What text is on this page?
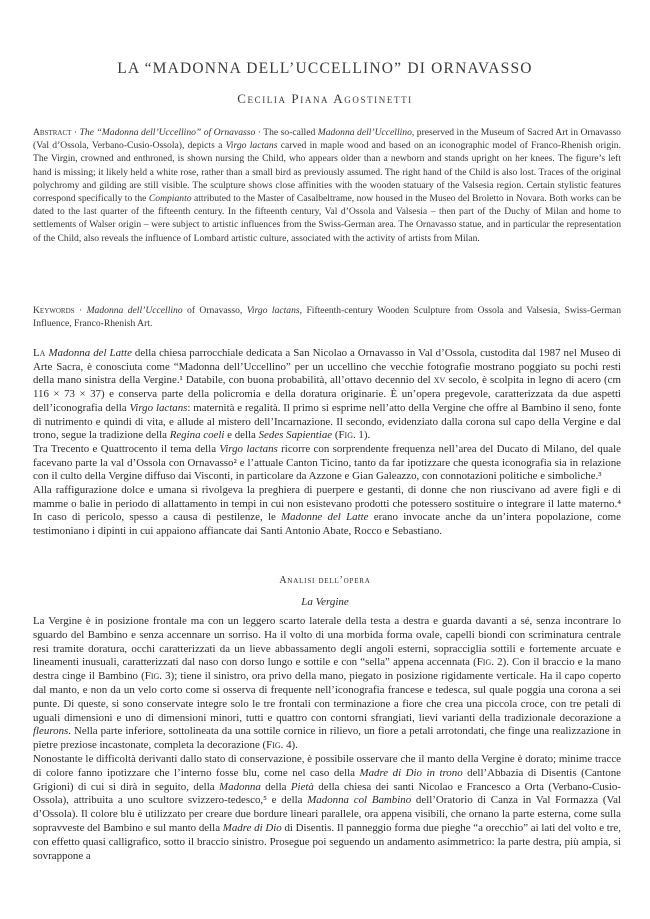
LA “MADONNA DELL’UCCELLINO” DI ORNAVASSO
Cecilia Piana Agostinetti
Abstract · The “Madonna dell’Uccellino” of Ornavasso · The so-called Madonna dell’Uccellino, preserved in the Museum of Sacred Art in Ornavasso (Val d’Ossola, Verbano-Cusio-Ossola), depicts a Virgo lactans carved in maple wood and based on an iconographic model of Franco-Rhenish origin. The Virgin, crowned and enthroned, is shown nursing the Child, who appears older than a newborn and stands upright on her knees. The figure’s left hand is missing; it likely held a white rose, rather than a small bird as previously assumed. The right hand of the Child is also lost. Traces of the original polychromy and gilding are still visible. The sculpture shows close affinities with the wooden statuary of the Valsesia region. Certain stylistic features correspond specifically to the Compianto attributed to the Master of Casalbeltrame, now housed in the Museo del Broletto in Novara. Both works can be dated to the last quarter of the fifteenth century. In the fifteenth century, Val d’Ossola and Valsesia – then part of the Duchy of Milan and home to settlements of Walser origin – were subject to artistic influences from the Swiss-German area. The Ornavasso statue, and in particular the representation of the Child, also reveals the influence of Lombard artistic culture, associated with the activity of artists from Milan.
Keywords · Madonna dell’Uccellino of Ornavasso, Virgo lactans, Fifteenth-century Wooden Sculpture from Ossola and Valsesia, Swiss-German Influence, Franco-Rhenish Art.

La Madonna del Latte della chiesa parrocchiale dedicata a San Nicolao a Ornavasso in Val d’Ossola, custodita dal 1987 nel Museo di Arte Sacra, è conosciuta come “Madonna dell’Uccellino” per un uccellino che vecchie fotografie mostrano poggiato su pochi resti della mano sinistra della Vergine.¹ Databile, con buona probabilità, all’ottavo decennio del xv secolo, è scolpita in legno di acero (cm 116 × 73 × 37) e conserva parte della policromia e della doratura originarie. È un’opera pregevole, caratterizzata da due aspetti dell’iconografia della Virgo lactans: maternità e regalità. Il primo si esprime nell’atto della Vergine che offre al Bambino il seno, fonte di nutrimento e quindi di vita, e allude al mistero dell’Incarnazione. Il secondo, evidenziato dalla corona sul capo della Vergine e dal trono, segue la tradizione della Regina coeli e della Sedes Sapientiae (Fig. 1).

Tra Trecento e Quattrocento il tema della Virgo lactans ricorre con sorprendente frequenza nell’area del Ducato di Milano, del quale facevano parte la val d’Ossola con Ornavasso² e l’attuale Canton Ticino, tanto da far ipotizzare che questa iconografia sia in relazione con il culto della Vergine diffuso dai Visconti, in particolare da Azzone e Gian Galeazzo, con connotazioni politiche e simboliche.³

Alla raffigurazione dolce e umana si rivolgeva la preghiera di puerpere e gestanti, di donne che non riuscivano ad avere figli e di mamme o balie in periodo di allattamento in tempi in cui non esistevano prodotti che potessero sostituire o integrare il latte materno.⁴ In caso di pericolo, spesso a causa di pestilenze, le Madonne del Latte erano invocate anche da un’intera popolazione, come testimoniano i dipinti in cui appaiono affiancate dai Santi Antonio Abate, Rocco e Sebastiano.

Analisi dell’opera
La Vergine

La Vergine è in posizione frontale ma con un leggero scarto laterale della testa a destra e guarda davanti a sé, senza incontrare lo sguardo del Bambino e senza accennare un sorriso. Ha il volto di una morbida forma ovale, capelli biondi con scriminatura centrale resi tramite doratura, occhi caratterizzati da un lieve abbassamento degli angoli esterni, sopracciglia sottili e fortemente arcuate e lineamenti inusuali, caratterizzati dal naso con dorso lungo e sottile e con “sella” appena accennata (Fig. 2). Con il braccio e la mano destra cinge il Bambino (Fig. 3); tiene il sinistro, ora privo della mano, piegato in posizione rigidamente verticale. Ha il capo coperto dal manto, e non da un velo corto come si osserva di frequente nell’iconografia francese e tedesca, sul quale poggia una corona a sei punte. Di queste, si sono conservate integre solo le tre frontali con terminazione a fiore che crea una piccola croce, con tre petali di uguali dimensioni e uno di dimensioni minori, tutti e quattro con contorni sfrangiati, lievi varianti della tradizionale decorazione a fleurons. Nella parte inferiore, sottolineata da una sottile cornice in rilievo, un fiore a petali arrotondati, che finge una realizzazione in pietre preziose incastonate, completa la decorazione (Fig. 4).

Nonostante le difficoltà derivanti dallo stato di conservazione, è possibile osservare che il manto della Vergine è dorato; minime tracce di colore fanno ipotizzare che l’interno fosse blu, come nel caso della Madre di Dio in trono dell’Abbazia di Disentis (Cantone Grigioni) di cui si dirà in seguito, della Madonna della Pietà della chiesa dei santi Nicolao e Francesco a Orta (Verbano-Cusio-Ossola), attribuita a uno scultore svizzero-tedesco,⁵ e della Madonna col Bambino dell’Oratorio di Canza in Val Formazza (Val d’Ossola). Il colore blu è utilizzato per creare due bordure lineari parallele, ora appena visibili, che ornano la parte esterna, come sulla sopravveste del Bambino e sul manto della Madre di Dio di Disentis. Il panneggio forma due pieghe “a orecchio” ai lati del volto e tre, con effetto quasi calligrafico, sotto il braccio sinistro. Prosegue poi seguendo un andamento asimmetrico: la parte destra, più ampia, si sovrappone a
